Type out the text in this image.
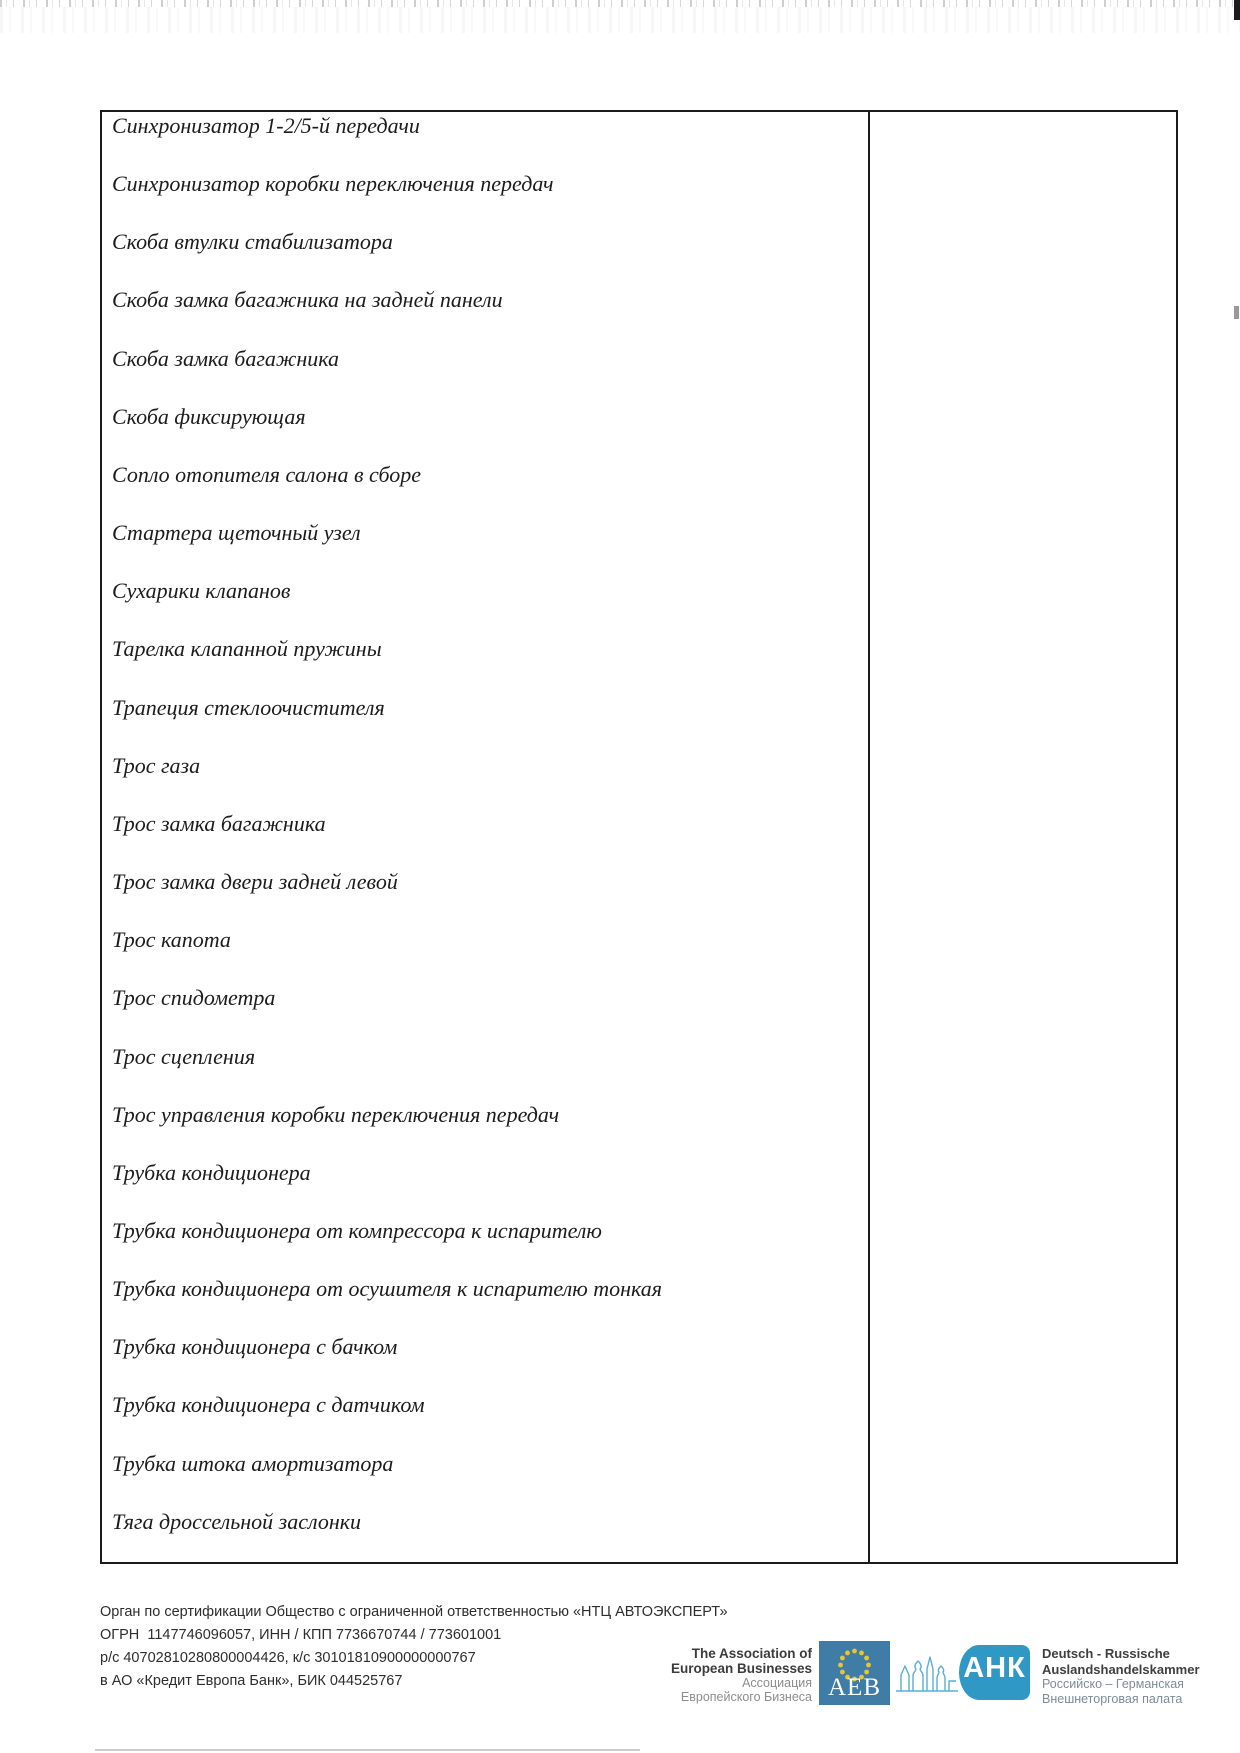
Синхронизатор 1-2/5-й передачи
Синхронизатор коробки переключения передач
Скоба втулки стабилизатора
Скоба замка багажника на задней панели
Скоба замка багажника
Скоба фиксирующая
Сопло отопителя салона в сборе
Стартера щеточный узел
Сухарики клапанов
Тарелка клапанной пружины
Трапеция стеклоочистителя
Трос газа
Трос замка багажника
Трос замка двери задней левой
Трос капота
Трос спидометра
Трос сцепления
Трос управления коробки переключения передач
Трубка кондиционера
Трубка кондиционера от компрессора к испарителю
Трубка кондиционера от осушителя к испарителю тонкая
Трубка кондиционера с бачком
Трубка кондиционера с датчиком
Трубка штока амортизатора
Тяга дроссельной заслонки
Орган по сертификации Общество с ограниченной ответственностью «НТЦ АВТОЭКСПЕРТ»
ОГРН  1147746096057, ИНН / КПП 7736670744 / 773601001
р/с 40702810280800004426, к/с 30101810900000000767
в АО «Кредит Европа Банк», БИК 044525767
The Association of
European Businesses
Ассоциация
Европейского Бизнеса AEB
АНК	Deutsch - Russische
Auslandshandelskammer
Российско – Германская
Внешнеторговая палата
